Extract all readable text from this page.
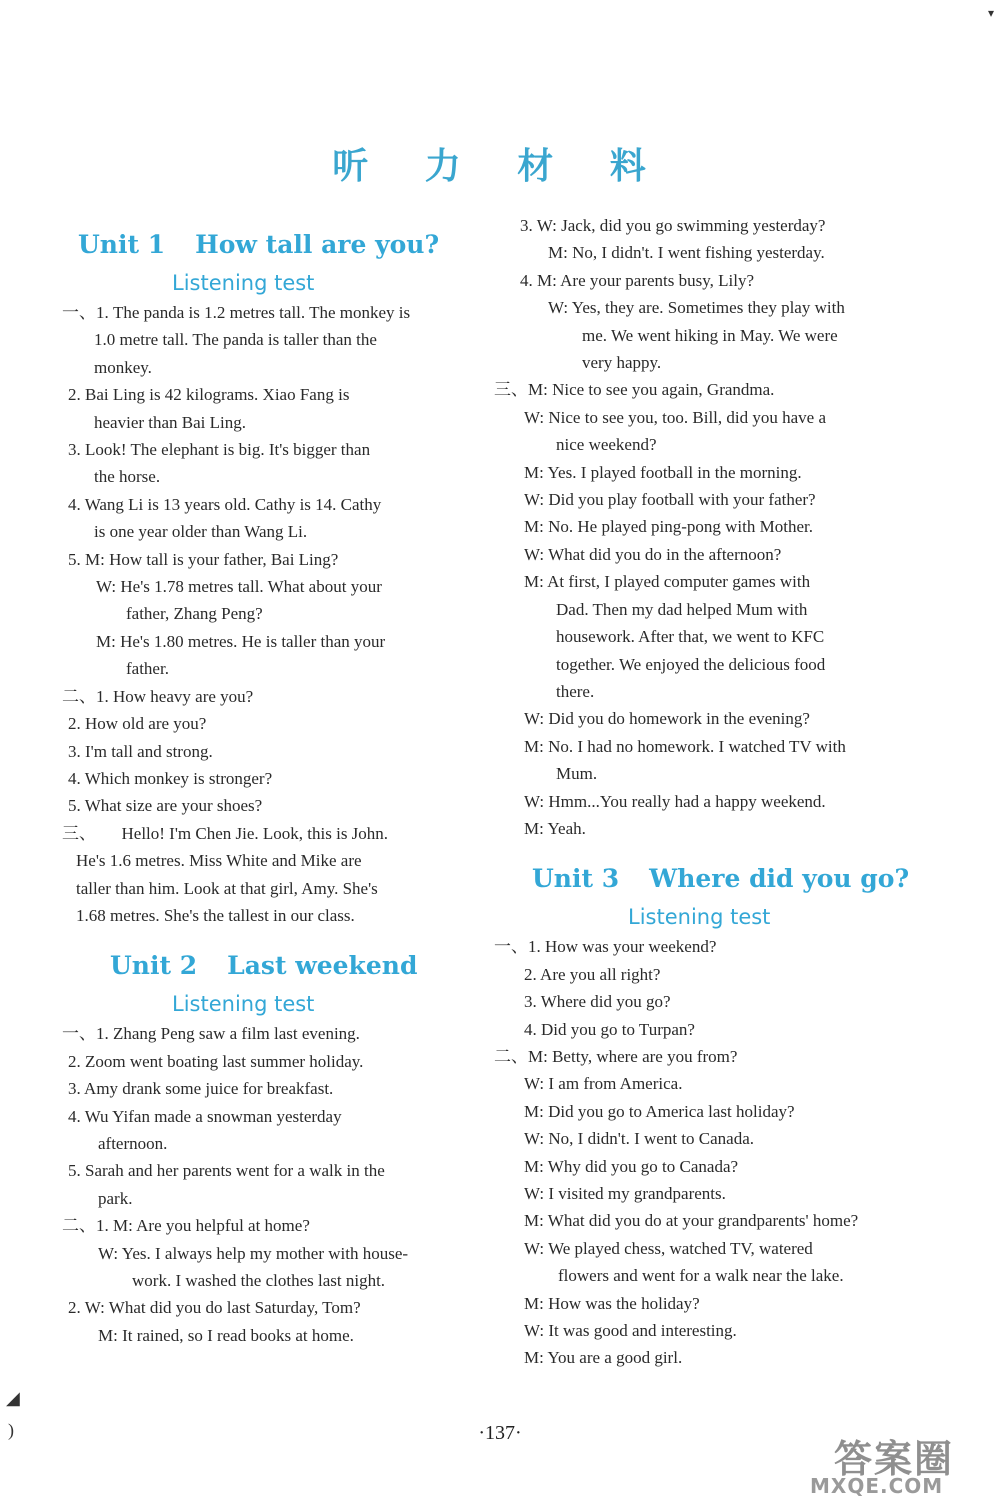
听 力 材 料
Unit 1 How tall are you?
Listening test
一、1. The panda is 1.2 metres tall. The monkey is
1.0 metre tall. The panda is taller than the
monkey.
2. Bai Ling is 42 kilograms. Xiao Fang is
heavier than Bai Ling.
3. Look! The elephant is big. It's bigger than
the horse.
4. Wang Li is 13 years old. Cathy is 14. Cathy
is one year older than Wang Li.
5. M: How tall is your father, Bai Ling?
W: He's 1.78 metres tall. What about your
father, Zhang Peng?
M: He's 1.80 metres. He is taller than your
father.
二、1. How heavy are you?
2. How old are you?
3. I'm tall and strong.
4. Which monkey is stronger?
5. What size are your shoes?
三、      Hello! I'm Chen Jie. Look, this is John.
He's 1.6 metres. Miss White and Mike are
taller than him. Look at that girl, Amy. She's
1.68 metres. She's the tallest in our class.
Unit 2 Last weekend
Listening test
一、1. Zhang Peng saw a film last evening.
2. Zoom went boating last summer holiday.
3. Amy drank some juice for breakfast.
4. Wu Yifan made a snowman yesterday
afternoon.
5. Sarah and her parents went for a walk in the
park.
二、1. M: Are you helpful at home?
W: Yes. I always help my mother with house-
work. I washed the clothes last night.
2. W: What did you do last Saturday, Tom?
M: It rained, so I read books at home.
3. W: Jack, did you go swimming yesterday?
M: No, I didn't. I went fishing yesterday.
4. M: Are your parents busy, Lily?
W: Yes, they are. Sometimes they play with
me. We went hiking in May. We were
very happy.
三、M: Nice to see you again, Grandma.
W: Nice to see you, too. Bill, did you have a
nice weekend?
M: Yes. I played football in the morning.
W: Did you play football with your father?
M: No. He played ping-pong with Mother.
W: What did you do in the afternoon?
M: At first, I played computer games with
Dad. Then my dad helped Mum with
housework. After that, we went to KFC
together. We enjoyed the delicious food
there.
W: Did you do homework in the evening?
M: No. I had no homework. I watched TV with
Mum.
W: Hmm...You really had a happy weekend.
M: Yeah.
Unit 3 Where did you go?
Listening test
一、1. How was your weekend?
2. Are you all right?
3. Where did you go?
4. Did you go to Turpan?
二、M: Betty, where are you from?
W: I am from America.
M: Did you go to America last holiday?
W: No, I didn't. I went to Canada.
M: Why did you go to Canada?
W: I visited my grandparents.
M: What did you do at your grandparents' home?
W: We played chess, watched TV, watered
flowers and went for a walk near the lake.
M: How was the holiday?
W: It was good and interesting.
M: You are a good girl.
◢
)
▾
·137·
答案圈
MXQE.COM
